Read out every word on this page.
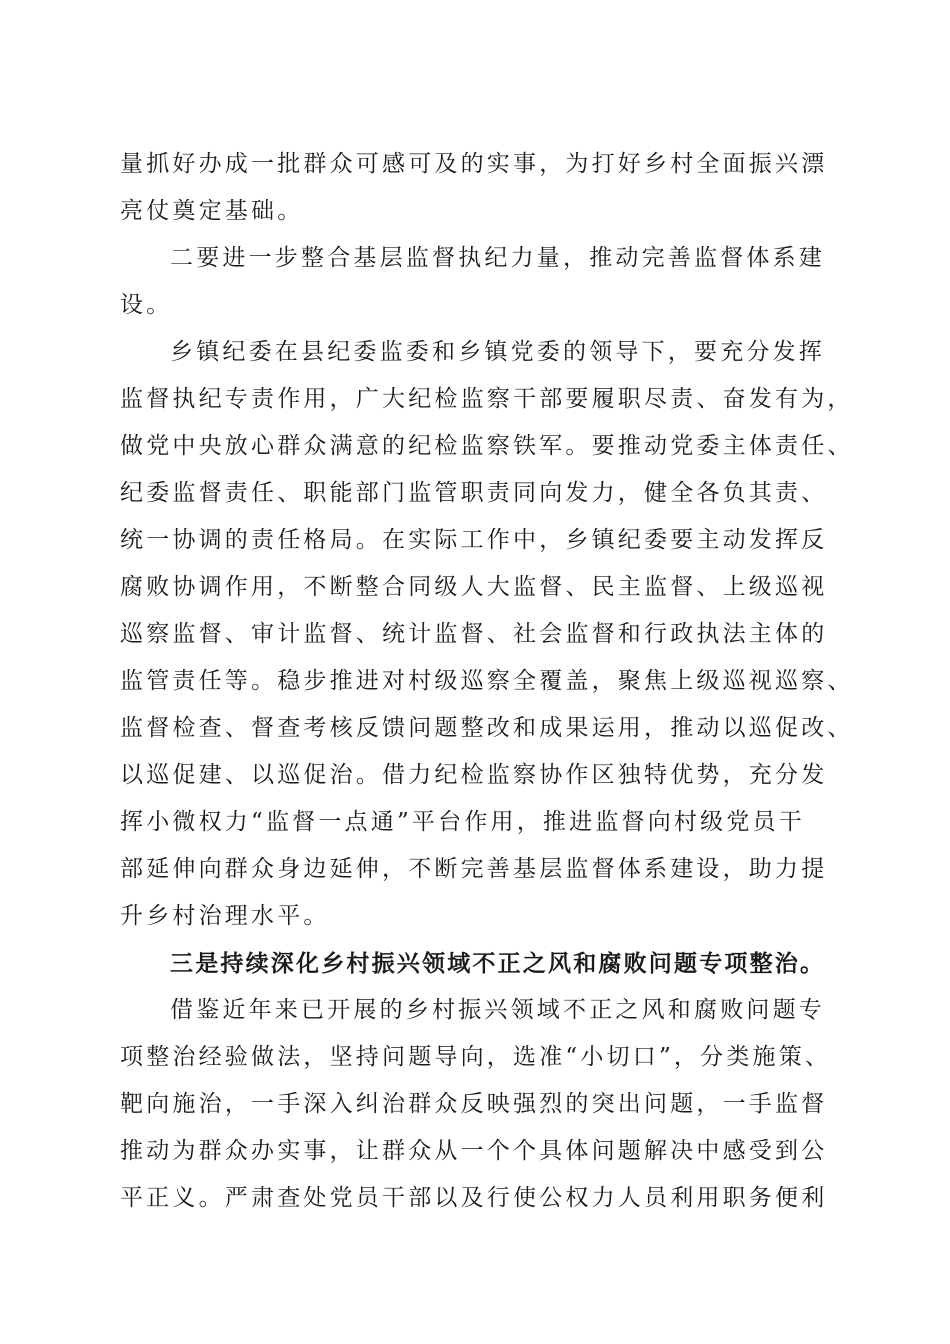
量抓好办成一批群众可感可及的实事，为打好乡村全面振兴漂
亮仗奠定基础。
二要进一步整合基层监督执纪力量，推动完善监督体系建
设。
乡镇纪委在县纪委监委和乡镇党委的领导下，要充分发挥
监督执纪专责作用，广大纪检监察干部要履职尽责、奋发有为，
做党中央放心群众满意的纪检监察铁军。要推动党委主体责任、
纪委监督责任、职能部门监管职责同向发力，健全各负其责、
统一协调的责任格局。在实际工作中，乡镇纪委要主动发挥反
腐败协调作用，不断整合同级人大监督、民主监督、上级巡视
巡察监督、审计监督、统计监督、社会监督和行政执法主体的
监管责任等。稳步推进对村级巡察全覆盖，聚焦上级巡视巡察、
监督检查、督查考核反馈问题整改和成果运用，推动以巡促改、
以巡促建、以巡促治。借力纪检监察协作区独特优势，充分发
挥小微权力“监督一点通”平台作用，推进监督向村级党员干
部延伸向群众身边延伸，不断完善基层监督体系建设，助力提
升乡村治理水平。
三是持续深化乡村振兴领域不正之风和腐败问题专项整治。
借鉴近年来已开展的乡村振兴领域不正之风和腐败问题专
项整治经验做法，坚持问题导向，选准“小切口”，分类施策、
靶向施治，一手深入纠治群众反映强烈的突出问题，一手监督
推动为群众办实事，让群众从一个个具体问题解决中感受到公
平正义。严肃查处党员干部以及行使公权力人员利用职务便利
